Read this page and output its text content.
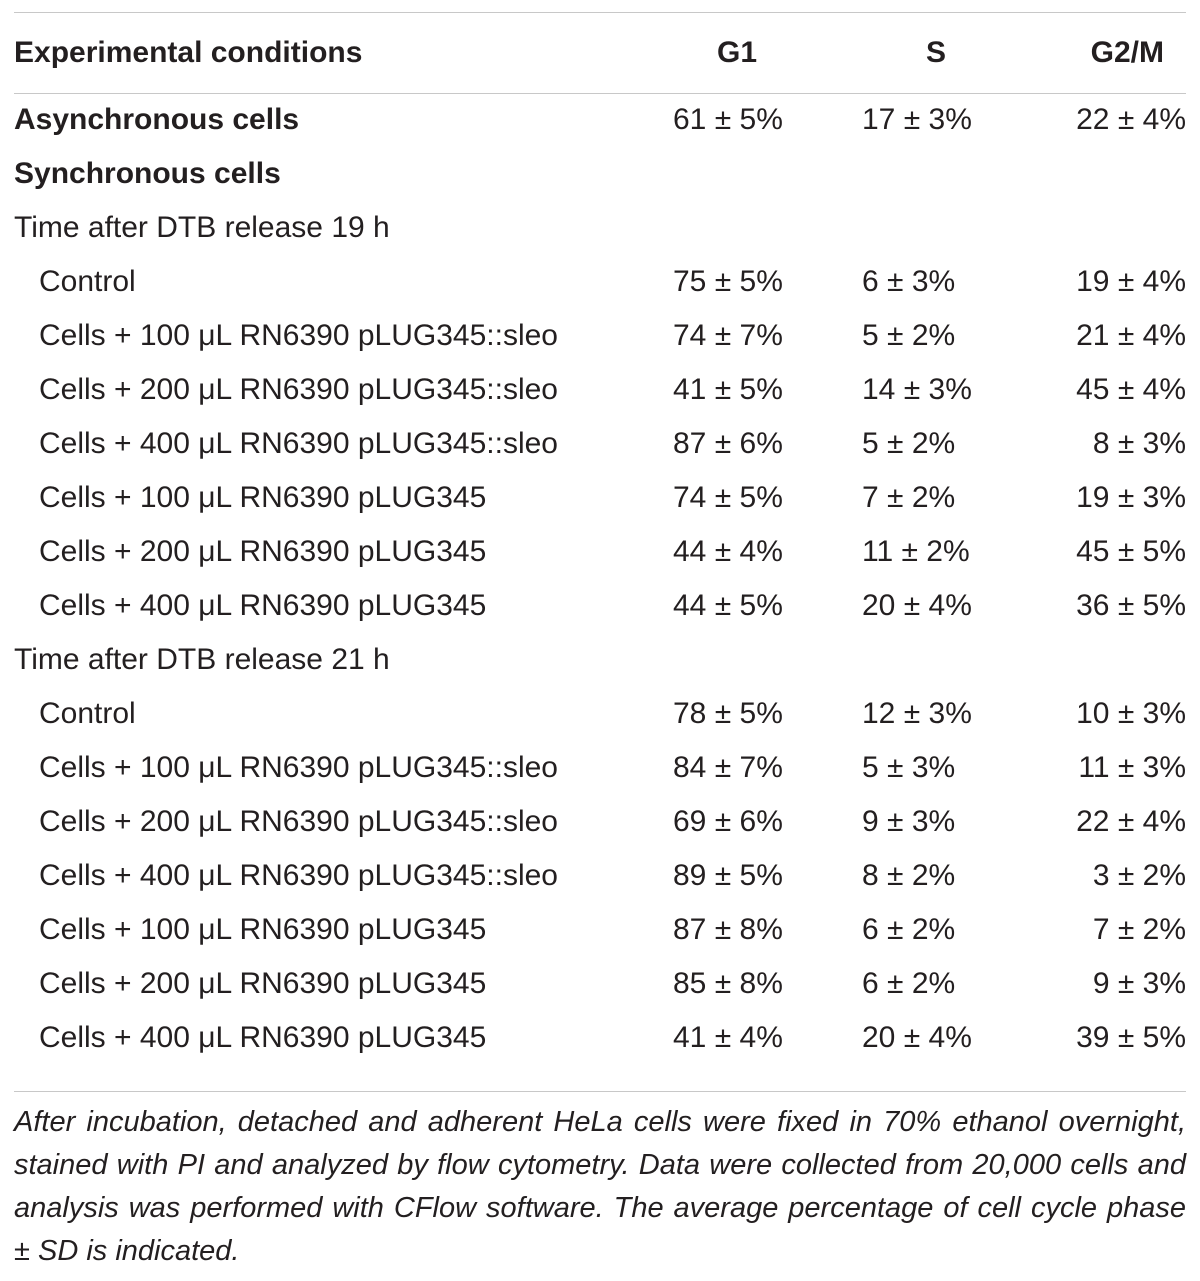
Experimental conditions	G1	S	G2/M

Asynchronous cells	61 ± 5%	17 ± 3%	22 ± 4%
Synchronous cells			
Time after DTB release 19 h			
Control	75 ± 5%	6 ± 3%	19 ± 4%
Cells + 100 μL RN6390 pLUG345::sleo	74 ± 7%	5 ± 2%	21 ± 4%
Cells + 200 μL RN6390 pLUG345::sleo	41 ± 5%	14 ± 3%	45 ± 4%
Cells + 400 μL RN6390 pLUG345::sleo	87 ± 6%	5 ± 2%	8 ± 3%
Cells + 100 μL RN6390 pLUG345	74 ± 5%	7 ± 2%	19 ± 3%
Cells + 200 μL RN6390 pLUG345	44 ± 4%	11 ± 2%	45 ± 5%
Cells + 400 μL RN6390 pLUG345	44 ± 5%	20 ± 4%	36 ± 5%
Time after DTB release 21 h			
Control	78 ± 5%	12 ± 3%	10 ± 3%
Cells + 100 μL RN6390 pLUG345::sleo	84 ± 7%	5 ± 3%	11 ± 3%
Cells + 200 μL RN6390 pLUG345::sleo	69 ± 6%	9 ± 3%	22 ± 4%
Cells + 400 μL RN6390 pLUG345::sleo	89 ± 5%	8 ± 2%	3 ± 2%
Cells + 100 μL RN6390 pLUG345	87 ± 8%	6 ± 2%	7 ± 2%
Cells + 200 μL RN6390 pLUG345	85 ± 8%	6 ± 2%	9 ± 3%
Cells + 400 μL RN6390 pLUG345	41 ± 4%	20 ± 4%	39 ± 5%
After incubation, detached and adherent HeLa cells were fixed in 70% ethanol overnight, stained with PI and analyzed by flow cytometry. Data were collected from 20,000 cells and analysis was performed with CFlow software. The average percentage of cell cycle phase ± SD is indicated.
